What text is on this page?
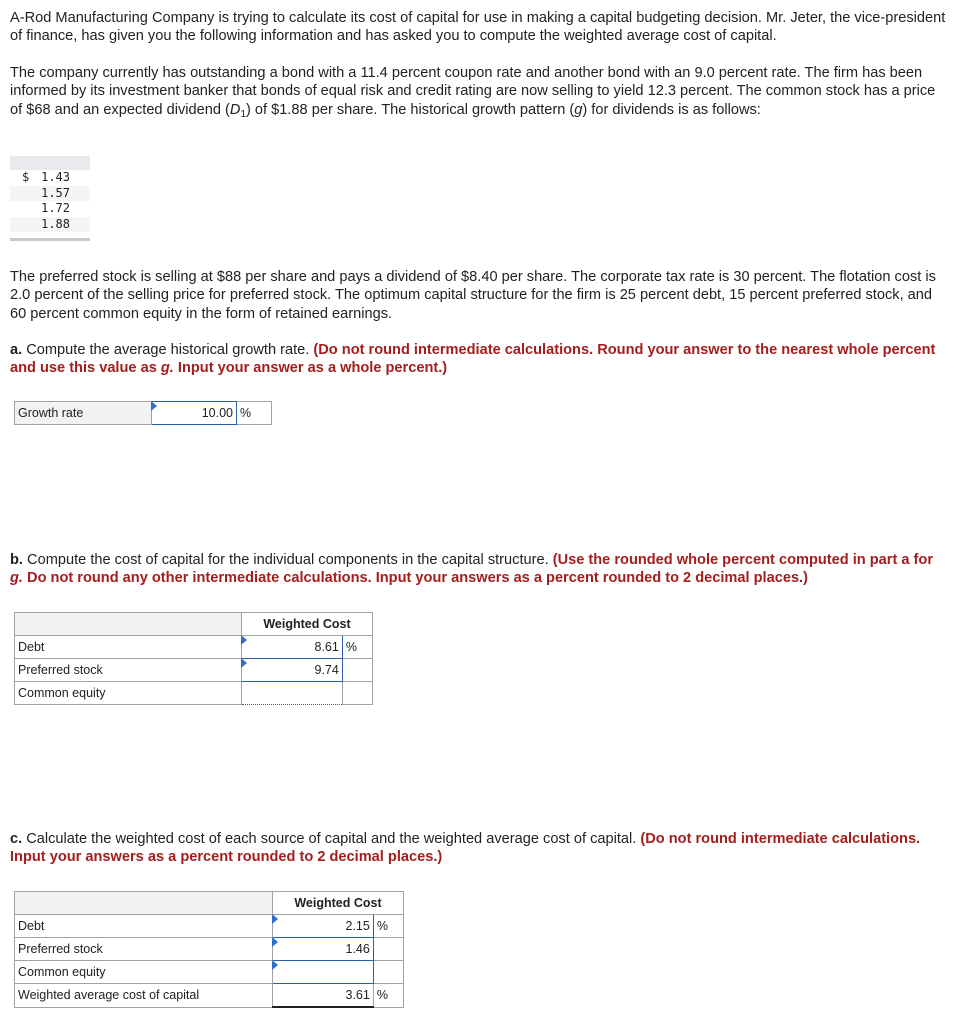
A-Rod Manufacturing Company is trying to calculate its cost of capital for use in making a capital budgeting decision. Mr. Jeter, the vice-president of finance, has given you the following information and has asked you to compute the weighted average cost of capital.

The company currently has outstanding a bond with a 11.4 percent coupon rate and another bond with an 9.0 percent rate. The firm has been informed by its investment banker that bonds of equal risk and credit rating are now selling to yield 12.3 percent. The common stock has a price of $68 and an expected dividend $(D_1)$ of $1.88 per share. The historical growth pattern (g) for dividends is as follows:

$ 1.43
1.57
1.72
1.88

The preferred stock is selling at $88 per share and pays a dividend of $8.40 per share. The corporate tax rate is 30 percent. The flotation cost is 2.0 percent of the selling price for preferred stock. The optimum capital structure for the firm is 25 percent debt, 15 percent preferred stock, and 60 percent common equity in the form of retained earnings.

a. Compute the average historical growth rate. (Do not round intermediate calculations. Round your answer to the nearest whole percent and use this value as g. Input your answer as a whole percent.)

Growth rate	10.00	%

b. Compute the cost of capital for the individual components in the capital structure. (Use the rounded whole percent computed in part a for g. Do not round any other intermediate calculations. Input your answers as a percent rounded to 2 decimal places.)

	Weighted Cost	
Debt	8.61	%
Preferred stock	9.74	
Common equity		

c. Calculate the weighted cost of each source of capital and the weighted average cost of capital. (Do not round intermediate calculations. Input your answers as a percent rounded to 2 decimal places.)

	Weighted Cost	
Debt	2.15	%
Preferred stock	1.46	
Common equity	

Weighted average cost of capital	3.61	%
